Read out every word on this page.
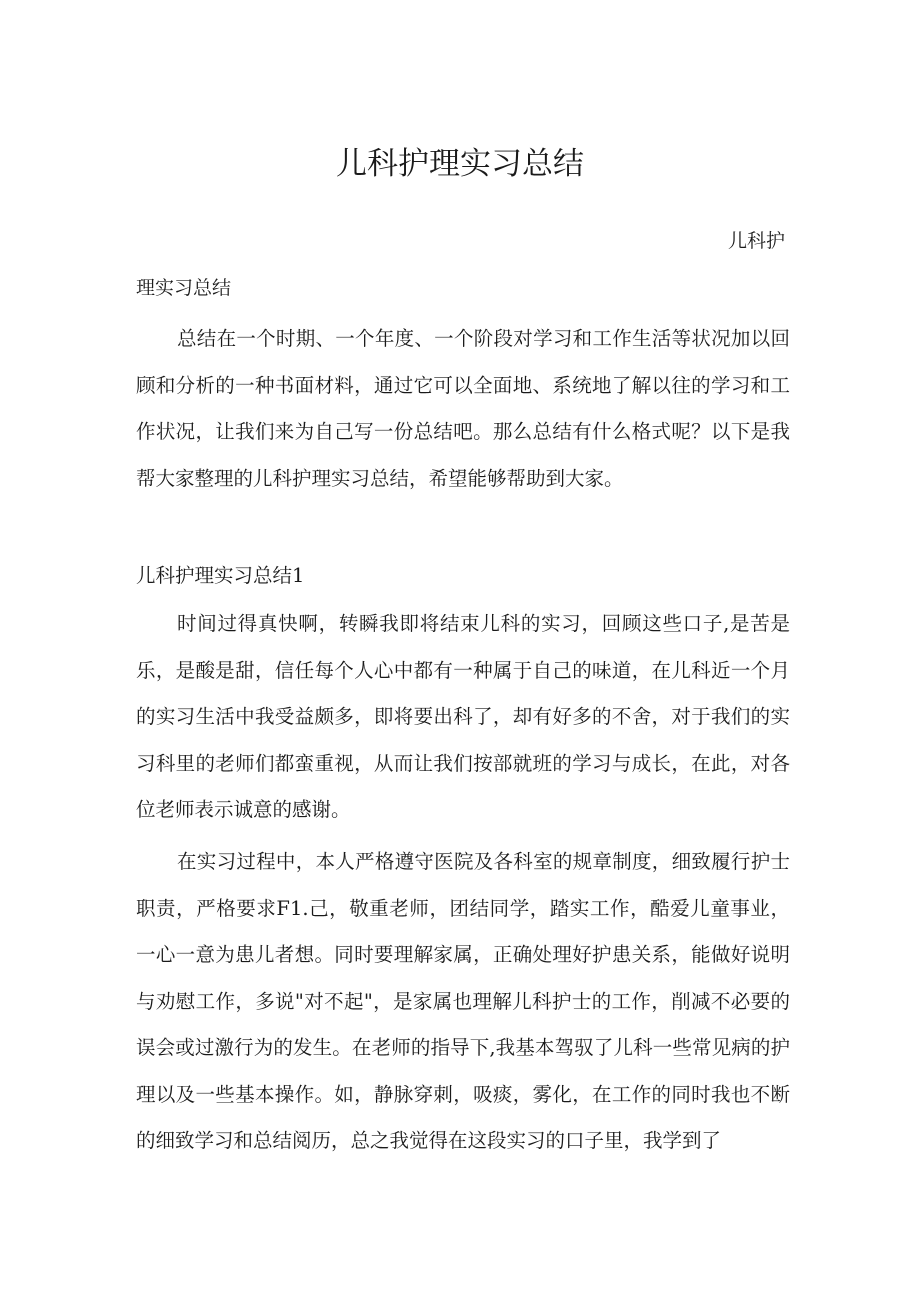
儿科护理实习总结
儿科护
理实习总结

总结在一个时期、一个年度、一个阶段对学习和工作生活等状况加以回顾和分析的一种书面材料，通过它可以全面地、系统地了解以往的学习和工作状况，让我们来为自己写一份总结吧。那么总结有什么格式呢？以下是我帮大家整理的儿科护理实习总结，希望能够帮助到大家。

儿科护理实习总结1

时间过得真快啊，转瞬我即将结束儿科的实习，回顾这些口子,是苦是乐，是酸是甜，信任每个人心中都有一种属于自己的味道，在儿科近一个月的实习生活中我受益颇多，即将要出科了，却有好多的不舍，对于我们的实习科里的老师们都蛮重视，从而让我们按部就班的学习与成长，在此，对各位老师表示诚意的感谢。

在实习过程中，本人严格遵守医院及各科室的规章制度，细致履行护士职责，严格要求F1.己，敬重老师，团结同学，踏实工作，酷爱儿童事业，一心一意为患儿者想。同时要理解家属，正确处理好护患关系，能做好说明与劝慰工作，多说"对不起"，是家属也理解儿科护士的工作，削减不必要的误会或过激行为的发生。在老师的指导下,我基本驾驭了儿科一些常见病的护理以及一些基本操作。如，静脉穿刺，吸痰，雾化，在工作的同时我也不断的细致学习和总结阅历，总之我觉得在这段实习的口子里，我学到了
